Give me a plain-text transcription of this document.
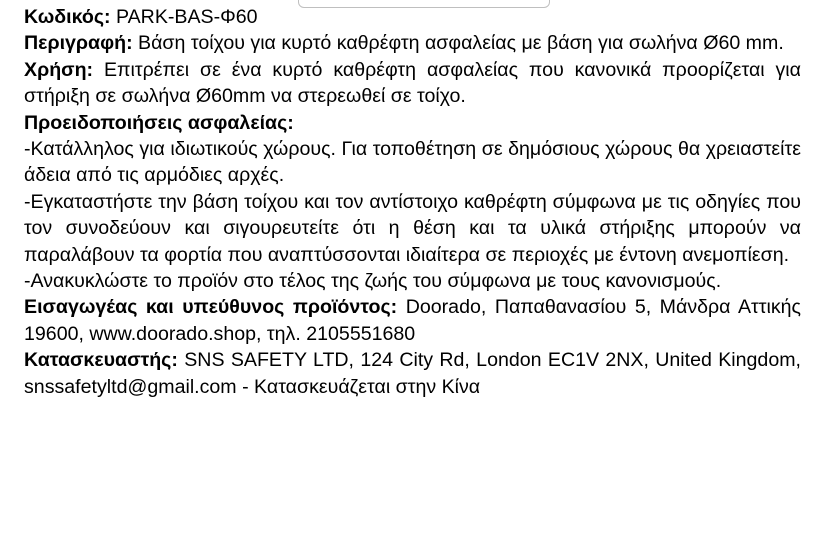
Κωδικός: PARK-BAS-Φ60

Περιγραφή: Βάση τοίχου για κυρτό καθρέφτη ασφαλείας με βάση για σωλήνα Ø60 mm.

Χρήση: Επιτρέπει σε ένα κυρτό καθρέφτη ασφαλείας που κανονικά προορίζεται για στήριξη σε σωλήνα Ø60mm να στερεωθεί σε τοίχο.

Προειδοποιήσεις ασφαλείας:

-Κατάλληλος για ιδιωτικούς χώρους. Για τοποθέτηση σε δημόσιους χώρους θα χρειαστείτε άδεια από τις αρμόδιες αρχές.

-Εγκαταστήστε την βάση τοίχου και τον αντίστοιχο καθρέφτη σύμφωνα με τις οδηγίες που τον συνοδεύουν και σιγουρευτείτε ότι η θέση και τα υλικά στήριξης μπορούν να παραλάβουν τα φορτία που αναπτύσσονται ιδιαίτερα σε περιοχές με έντονη ανεμοπίεση.

-Ανακυκλώστε το προϊόν στο τέλος της ζωής του σύμφωνα με τους κανονισμούς.

Εισαγωγέας και υπεύθυνος προϊόντος: Doorado, Παπαθανασίου 5, Μάνδρα Αττικής 19600, www.doorado.shop, τηλ. 2105551680

Κατασκευαστής: SNS SAFETY LTD, 124 City Rd, London EC1V 2NX, United Kingdom, snssafetyltd@gmail.com - Κατασκευάζεται στην Κίνα
